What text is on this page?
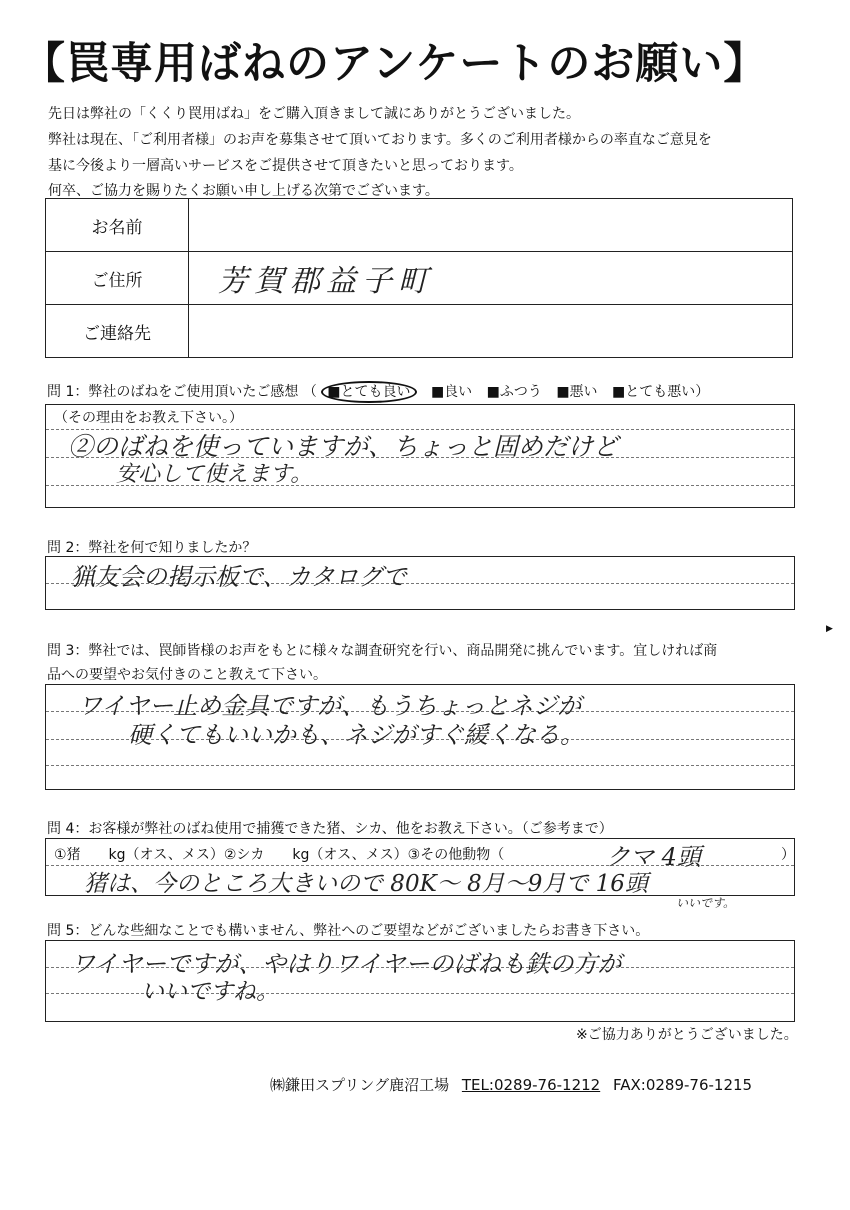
【罠専用ばねのアンケートのお願い】
先日は弊社の「くくり罠用ばね」をご購入頂きまして誠にありがとうございました。
弊社は現在、「ご利用者様」のお声を募集させて頂いております。多くのご利用者様からの率直なご意見を
基に今後より一層高いサービスをご提供させて頂きたいと思っております。
何卒、ご協力を賜りたくお願い申し上げる次第でございます。
お名前	
ご住所	芳賀郡益子町
ご連絡先	
問 1：弊社のばねをご使用頂いたご感想 （ ■とても良い ■良い ■ふつう ■悪い ■とても悪い）
（その理由をお教え下さい。）
②のばねを使っていますが、ちょっと固めだけど
安心して使えます。
問 2：弊社を何で知りましたか？
猟友会の掲示板で、カタログで
問 3：弊社では、罠師皆様のお声をもとに様々な調査研究を行い、商品開発に挑んでいます。宜しければ商
品への要望やお気付きのこと教えて下さい。
ワイヤー止め金具ですが、もうちょっとネジが
硬くてもいいかも、ネジがすぐ緩くなる。
問 4：お客様が弊社のばね使用で捕獲できた猪、シカ、他をお教え下さい。（ご参考まで）
①猪　　kg（オス、メス）②シカ　　kg（オス、メス）③その他動物（	クマ 4頭	）
猪は、今のところ大きいので 80K〜 8月〜9月で 16頭
いいです。
問 5：どんな些細なことでも構いません、弊社へのご要望などがございましたらお書き下さい。
ワイヤーですが、やはりワイヤーのばねも鉄の方が
いいですね。
※ご協力ありがとうございました。
㈱鎌田スプリング鹿沼工場 TEL:0289-76-1212 FAX:0289-76-1215
▶
